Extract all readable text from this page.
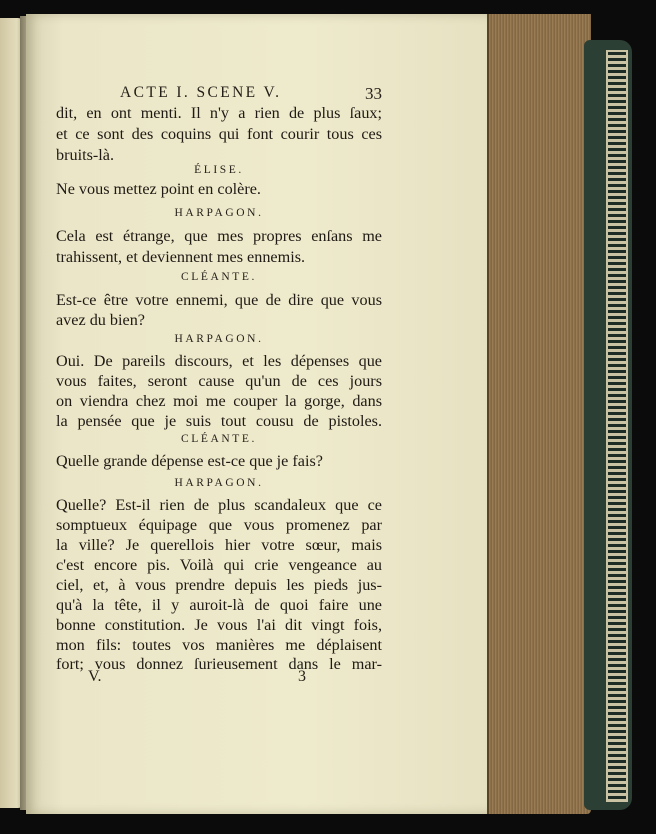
ACTE I. SCENE V.	33
dit, en ont menti. Il n'y a rien de plus ſaux;
et ce sont des coquins qui font courir tous ces
bruits-là.
ÉLISE.
Ne vous mettez point en colère.
HARPAGON.
Cela est étrange, que mes propres enſans me
trahissent, et deviennent mes ennemis.
CLÉANTE.
Est-ce être votre ennemi, que de dire que vous
avez du bien?
HARPAGON.
Oui. De pareils discours, et les dépenses que
vous faites, seront cause qu'un de ces jours
on viendra chez moi me couper la gorge, dans
la pensée que je suis tout cousu de pistoles.
CLÉANTE.
Quelle grande dépense est-ce que je fais?
HARPAGON.
Quelle? Est-il rien de plus scandaleux que ce
somptueux équipage que vous promenez par
la ville? Je querellois hier votre sœur, mais
c'est encore pis. Voilà qui crie vengeance au
ciel, et, à vous prendre depuis les pieds jus-
qu'à la tête, il y auroit-là de quoi faire une
bonne constitution. Je vous l'ai dit vingt fois,
mon fils: toutes vos manières me déplaisent
fort; vous donnez ſurieusement dans le mar-
V.	3
